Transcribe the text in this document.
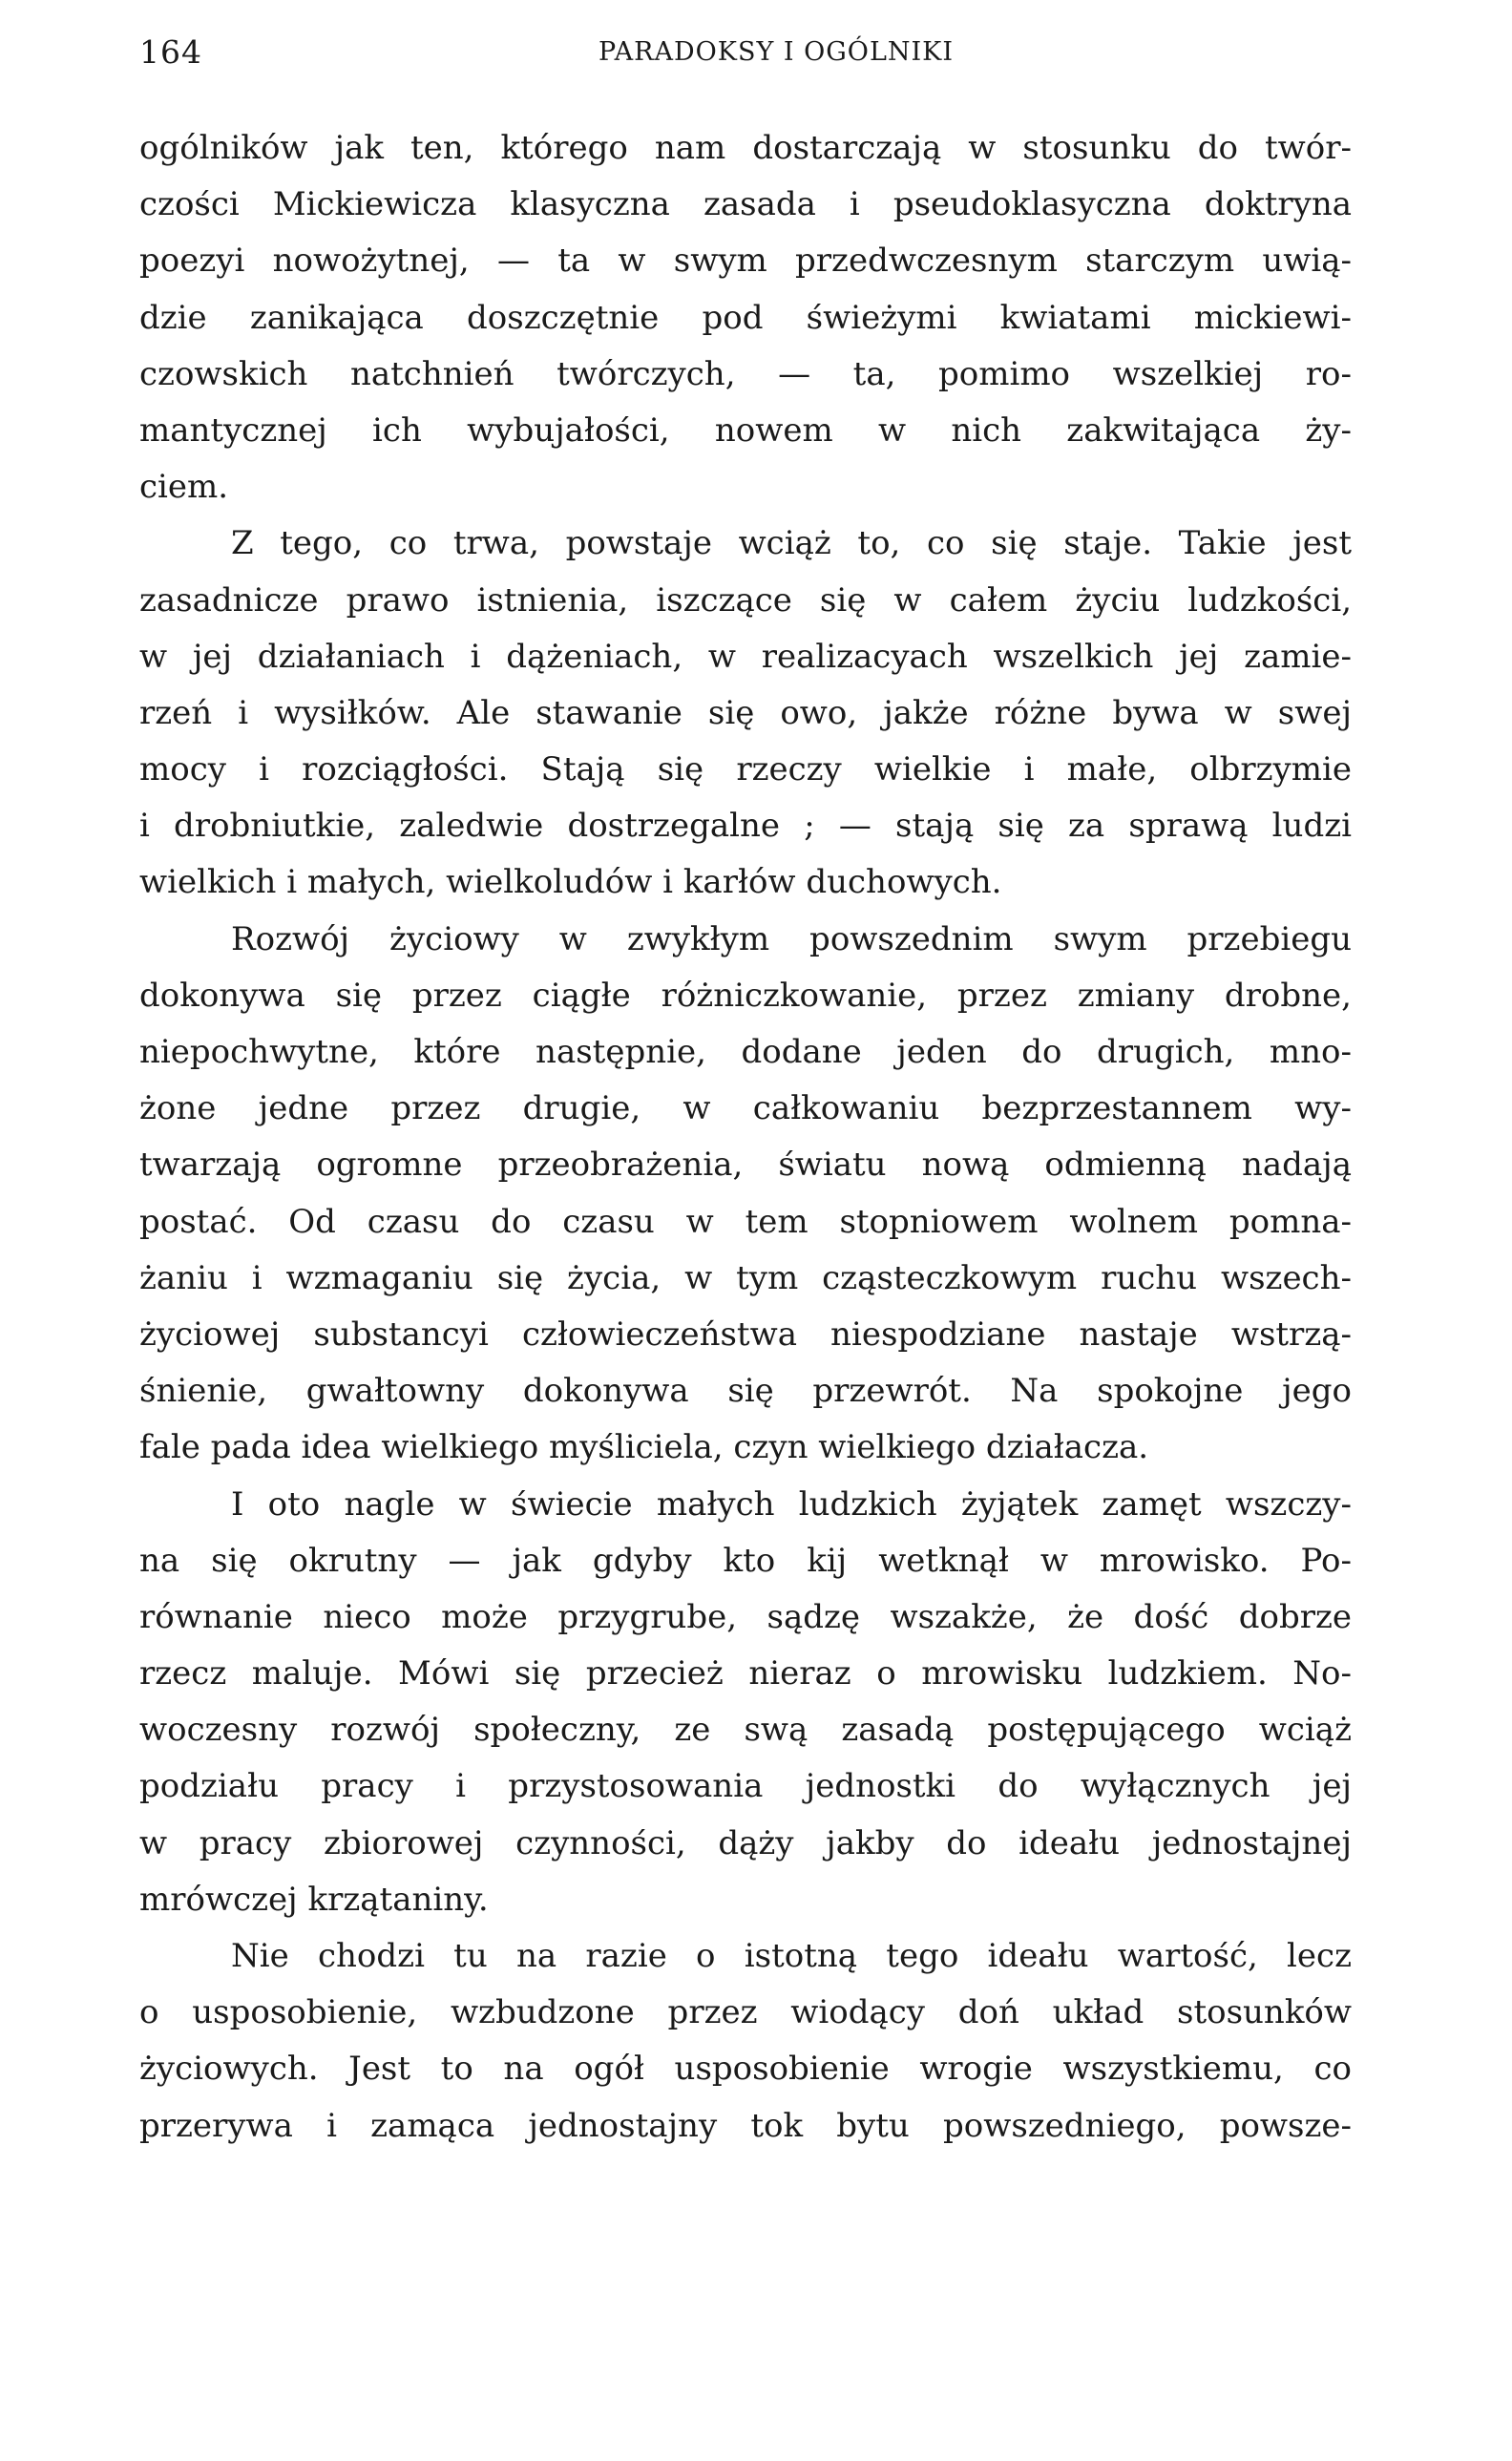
164	PARADOKSY I OGÓLNIKI
ogólników jak ten, którego nam dostarczają w stosunku do twór-
czości Mickiewicza klasyczna zasada i pseudoklasyczna doktryna
poezyi nowożytnej, — ta w swym przedwczesnym starczym uwią-
dzie zanikająca doszczętnie pod świeżymi kwiatami mickiewi-
czowskich natchnień twórczych, — ta, pomimo wszelkiej ro-
mantycznej ich wybujałości, nowem w nich zakwitająca ży-
ciem.
Z tego, co trwa, powstaje wciąż to, co się staje. Takie jest
zasadnicze prawo istnienia, iszczące się w całem życiu ludzkości,
w jej działaniach i dążeniach, w realizacyach wszelkich jej zamie-
rzeń i wysiłków. Ale stawanie się owo, jakże różne bywa w swej
mocy i rozciągłości. Stają się rzeczy wielkie i małe, olbrzymie
i drobniutkie, zaledwie dostrzegalne ; — stają się za sprawą ludzi
wielkich i małych, wielkoludów i karłów duchowych.
Rozwój życiowy w zwykłym powszednim swym przebiegu
dokonywa się przez ciągłe różniczkowanie, przez zmiany drobne,
niepochwytne, które następnie, dodane jeden do drugich, mno-
żone jedne przez drugie, w całkowaniu bezprzestannem wy-
twarzają ogromne przeobrażenia, światu nową odmienną nadają
postać. Od czasu do czasu w tem stopniowem wolnem pomna-
żaniu i wzmaganiu się życia, w tym cząsteczkowym ruchu wszech-
życiowej substancyi człowieczeństwa niespodziane nastaje wstrzą-
śnienie, gwałtowny dokonywa się przewrót. Na spokojne jego
fale pada idea wielkiego myśliciela, czyn wielkiego działacza.
I oto nagle w świecie małych ludzkich żyjątek zamęt wszczy-
na się okrutny — jak gdyby kto kij wetknął w mrowisko. Po-
równanie nieco może przygrube, sądzę wszakże, że dość dobrze
rzecz maluje. Mówi się przecież nieraz o mrowisku ludzkiem. No-
woczesny rozwój społeczny, ze swą zasadą postępującego wciąż
podziału pracy i przystosowania jednostki do wyłącznych jej
w pracy zbiorowej czynności, dąży jakby do ideału jednostajnej
mrówczej krzątaniny.
Nie chodzi tu na razie o istotną tego ideału wartość, lecz
o usposobienie, wzbudzone przez wiodący doń układ stosunków
życiowych. Jest to na ogół usposobienie wrogie wszystkiemu, co
przerywa i zamąca jednostajny tok bytu powszedniego, powsze-
